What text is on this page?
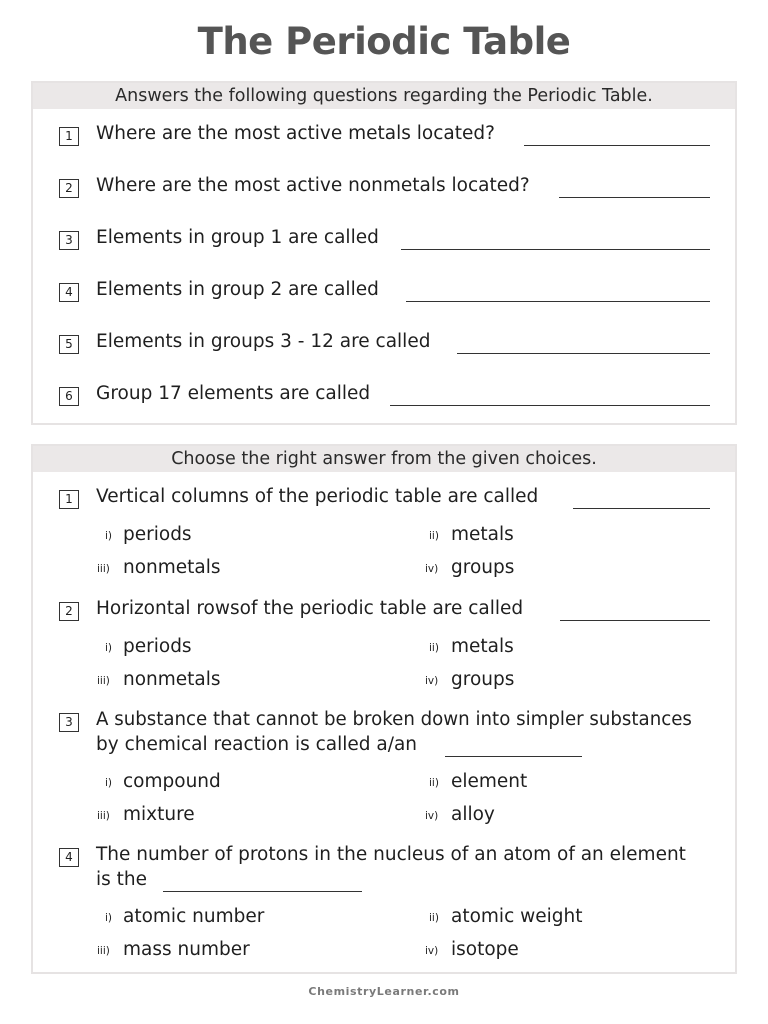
The Periodic Table
Answers the following questions regarding the Periodic Table.
1	Where are the most active metals located?
2	Where are the most active nonmetals located?
3	Elements in group 1 are called
4	Elements in group 2 are called
5	Elements in groups 3 - 12 are called
6	Group 17 elements are called
Choose the right answer from the given choices.
1	Vertical columns of the periodic table are called
i) periods	ii) metals
iii) nonmetals	iv) groups
2	Horizontal rowsof the periodic table are called
i) periods	ii) metals
iii) nonmetals	iv) groups
3	A substance that cannot be broken down into simpler substances
by chemical reaction is called a/an
i) compound	ii) element
iii) mixture	iv) alloy
4	The number of protons in the nucleus of an atom of an element
is the
i) atomic number	ii) atomic weight
iii) mass number	iv) isotope
ChemistryLearner.com
